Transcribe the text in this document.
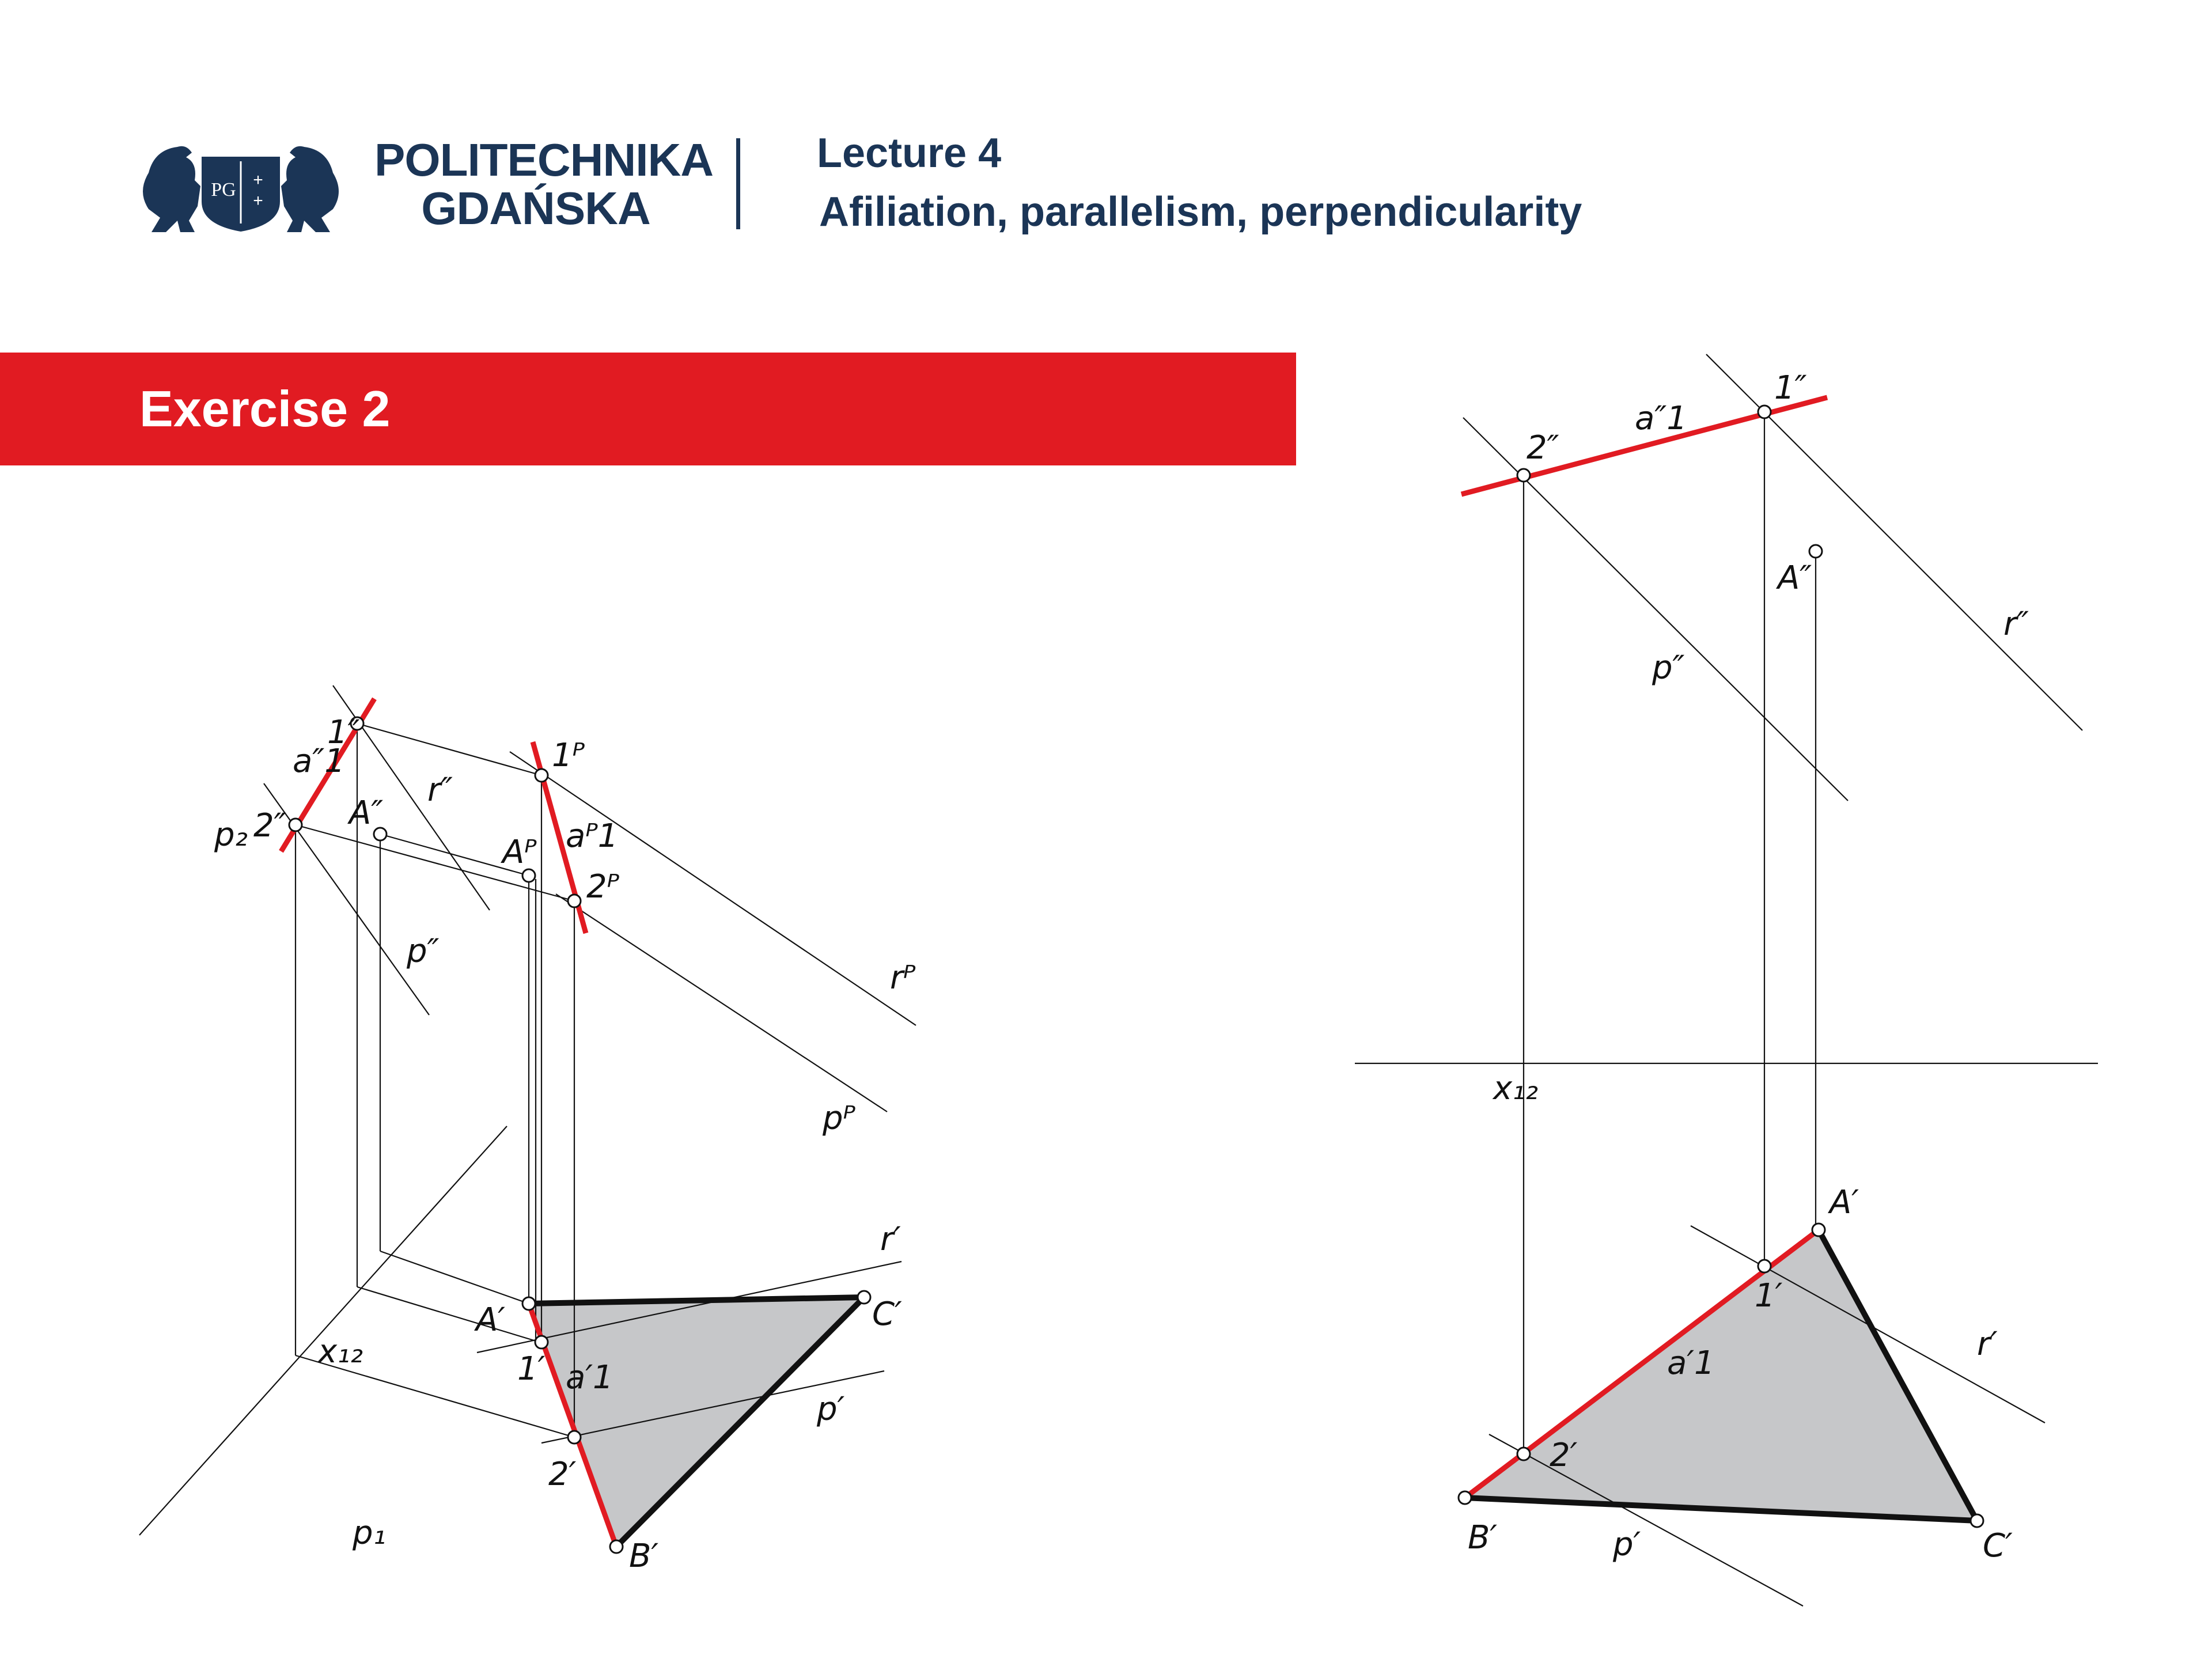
PG +
+
POLITECHNIKA
GDAŃSKA
Lecture 4
Afiliation, parallelism, perpendicularity
Exercise 2
a″1
1″
r″
1ᴾ
p₂ 2″ A″
Aᴾ aᴾ1
2ᴾ
p″
rᴾ
pᴾ
r′
C′
A′
x₁₂	1′ a′1
p′
2′
B′
p₁
1″
a″1
2″
A″
r″
p″
x₁₂
A′
1′
r′
a′1
2′
B′	p′	C′
